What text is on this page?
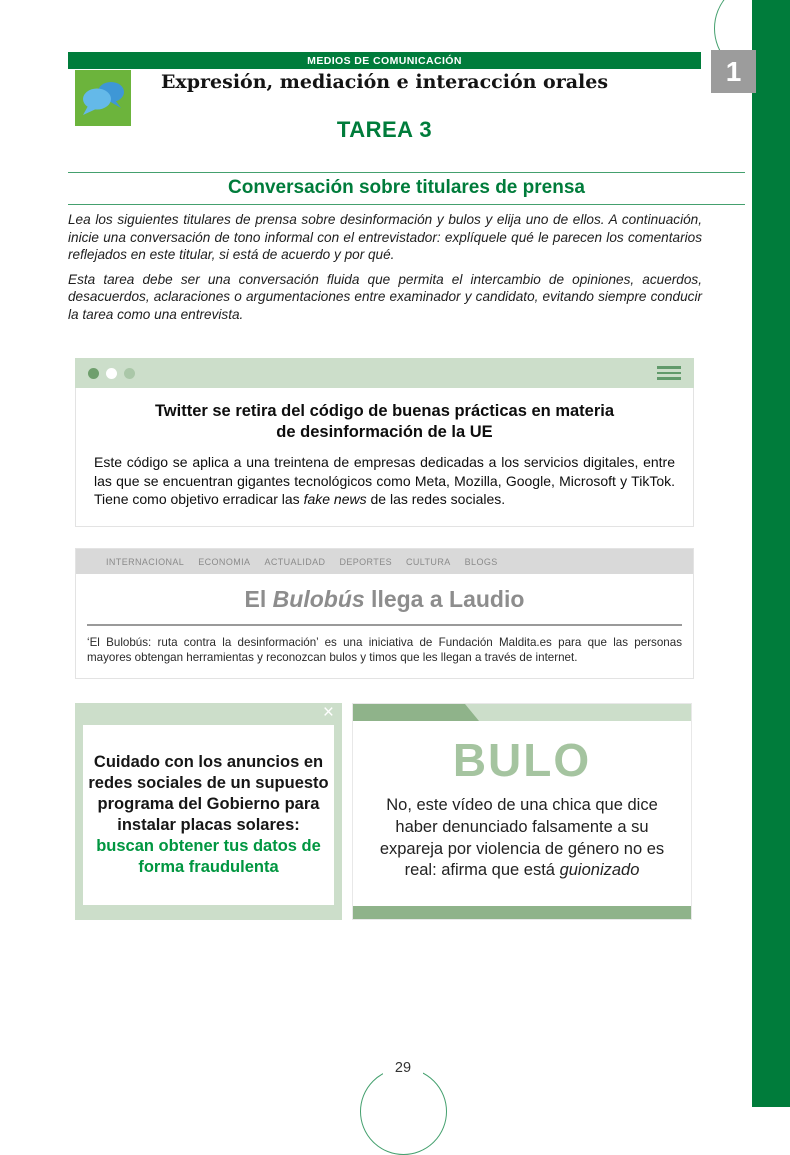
1
MEDIOS DE COMUNICACIÓN
Expresión, mediación e interacción orales
TAREA 3
Conversación sobre titulares de prensa

Lea los siguientes titulares de prensa sobre desinformación y bulos y elija uno de ellos. A continuación, inicie una conversación de tono informal con el entrevistador: explíquele qué le parecen los comentarios reflejados en este titular, si está de acuerdo y por qué.

Esta tarea debe ser una conversación fluida que permita el intercambio de opiniones, acuerdos, desacuerdos, aclaraciones o argumentaciones entre examinador y candidato, evitando siempre conducir la tarea como una entrevista.

Twitter se retira del código de buenas prácticas en materia de desinformación de la UE

Este código se aplica a una treintena de empresas dedicadas a los servicios digitales, entre las que se encuentran gigantes tecnológicos como Meta, Mozilla, Google, Microsoft y TikTok. Tiene como objetivo erradicar las fake news de las redes sociales.

INTERNACIONAL ECONOMIA ACTUALIDAD DEPORTES CULTURA BLOGS
El Bulobús llega a Laudio

‘El Bulobús: ruta contra la desinformación’ es una iniciativa de Fundación Maldita.es para que las personas mayores obtengan herramientas y reconozcan bulos y timos que les llegan a través de internet.

×
Cuidado con los anuncios en redes sociales de un supuesto programa del Gobierno para instalar placas solares: buscan obtener tus datos de forma fraudulenta
BULO

No, este vídeo de una chica que dice haber denunciado falsamente a su expareja por violencia de género no es real: afirma que está guionizado

29
